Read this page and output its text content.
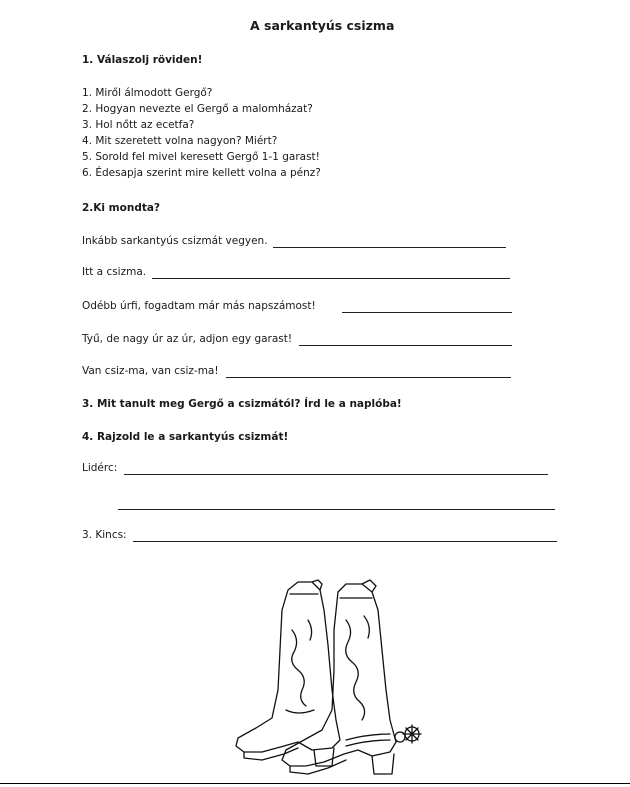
A sarkantyús csizma
1. Válaszolj röviden!
1. Miről álmodott Gergő?
2. Hogyan nevezte el Gergő a malomházat?
3. Hol nőtt az ecetfa?
4. Mit szeretett volna nagyon? Miért?
5. Sorold fel mivel keresett Gergő 1-1 garast!
6. Édesapja szerint mire kellett volna a pénz?
2.Ki mondta?
Inkább sarkantyús csizmát vegyen.
Itt a csizma.
Odébb úrfi, fogadtam már más napszámost!
Tyű, de nagy úr az úr, adjon egy garast!
Van csiz-ma, van csiz-ma!
3. Mit tanult meg Gergő a csizmától? Írd le a naplóba!
4. Rajzold le a sarkantyús csizmát!
Lidérc:
3. Kincs:
